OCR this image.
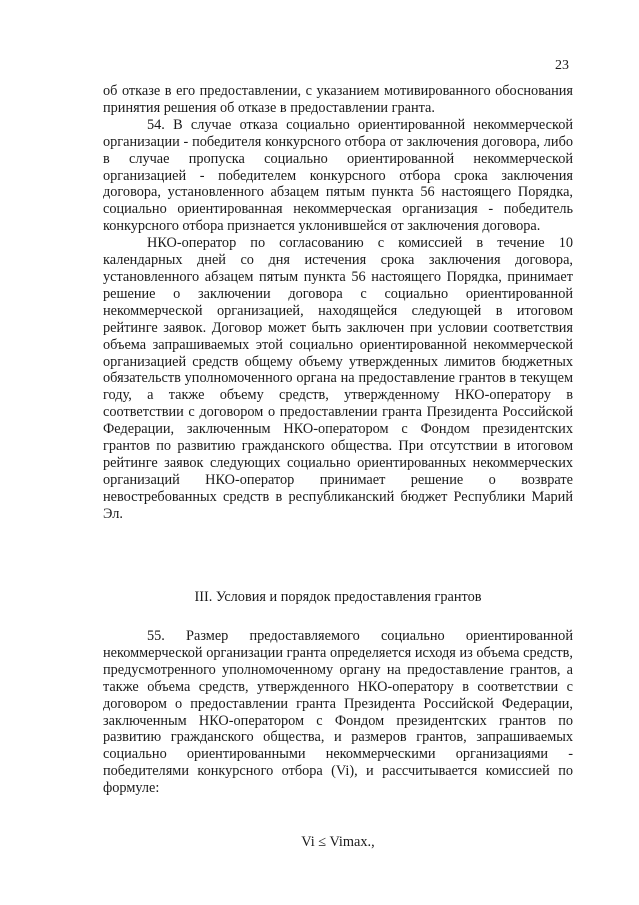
23

об отказе в его предоставлении, с указанием мотивированного обоснования принятия решения об отказе в предоставлении гранта.

54. В случае отказа социально ориентированной некоммерческой организации - победителя конкурсного отбора от заключения договора, либо в случае пропуска социально ориентированной некоммерческой организацией - победителем конкурсного отбора срока заключения договора, установленного абзацем пятым пункта 56 настоящего Порядка, социально ориентированная некоммерческая организация - победитель конкурсного отбора признается уклонившейся от заключения договора.

НКО-оператор по согласованию с комиссией в течение 10 календарных дней со дня истечения срока заключения договора, установленного абзацем пятым пункта 56 настоящего Порядка, принимает решение о заключении договора с социально ориентированной некоммерческой организацией, находящейся следующей в итоговом рейтинге заявок. Договор может быть заключен при условии соответствия объема запрашиваемых этой социально ориентированной некоммерческой организацией средств общему объему утвержденных лимитов бюджетных обязательств уполномоченного органа на предоставление грантов в текущем году, а также объему средств, утвержденному НКО-оператору в соответствии с договором о предоставлении гранта Президента Российской Федерации, заключенным НКО-оператором с Фондом президентских грантов по развитию гражданского общества. При отсутствии в итоговом рейтинге заявок следующих социально ориентированных некоммерческих организаций НКО-оператор принимает решение о возврате невостребованных средств в республиканский бюджет Республики Марий Эл.

III. Условия и порядок предоставления грантов

55. Размер предоставляемого социально ориентированной некоммерческой организации гранта определяется исходя из объема средств, предусмотренного уполномоченному органу на предоставление грантов, а также объема средств, утвержденного НКО-оператору в соответствии с договором о предоставлении гранта Президента Российской Федерации, заключенным НКО-оператором с Фондом президентских грантов по развитию гражданского общества, и размеров грантов, запрашиваемых социально ориентированными некоммерческими организациями - победителями конкурсного отбора (Vi), и рассчитывается комиссией по формуле:

Vi ≤ Vimax.,
